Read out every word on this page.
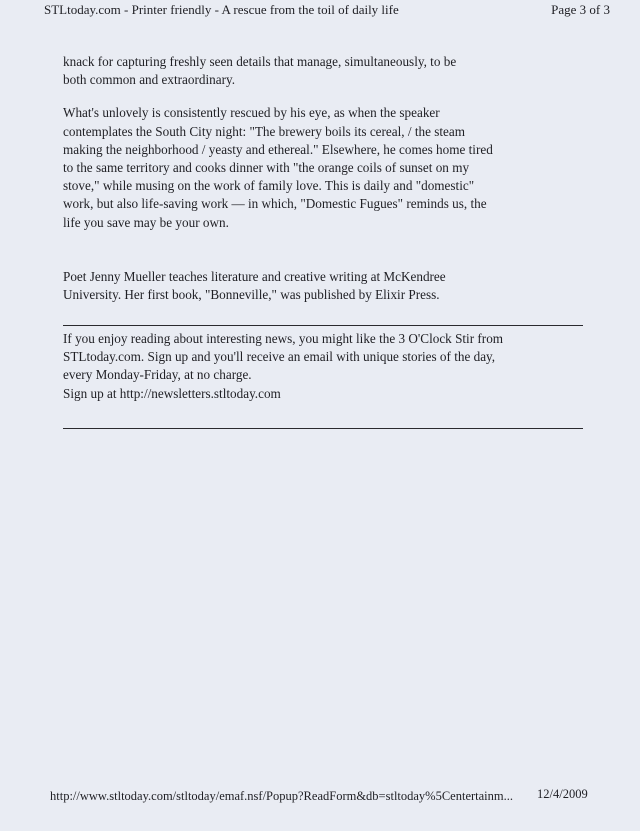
STLtoday.com - Printer friendly - A rescue from the toil of daily life	Page 3 of 3
knack for capturing freshly seen details that manage, simultaneously, to be
both common and extraordinary.
What's unlovely is consistently rescued by his eye, as when the speaker
contemplates the South City night: "The brewery boils its cereal, / the steam
making the neighborhood / yeasty and ethereal." Elsewhere, he comes home tired
to the same territory and cooks dinner with "the orange coils of sunset on my
stove," while musing on the work of family love. This is daily and "domestic"
work, but also life-saving work — in which, "Domestic Fugues" reminds us, the
life you save may be your own.
Poet Jenny Mueller teaches literature and creative writing at McKendree
University. Her first book, "Bonneville," was published by Elixir Press.
If you enjoy reading about interesting news, you might like the 3 O'Clock Stir from
STLtoday.com. Sign up and you'll receive an email with unique stories of the day,
every Monday-Friday, at no charge.
Sign up at http://newsletters.stltoday.com
http://www.stltoday.com/stltoday/emaf.nsf/Popup?ReadForm&db=stltoday%5Centertainm... 12/4/2009
